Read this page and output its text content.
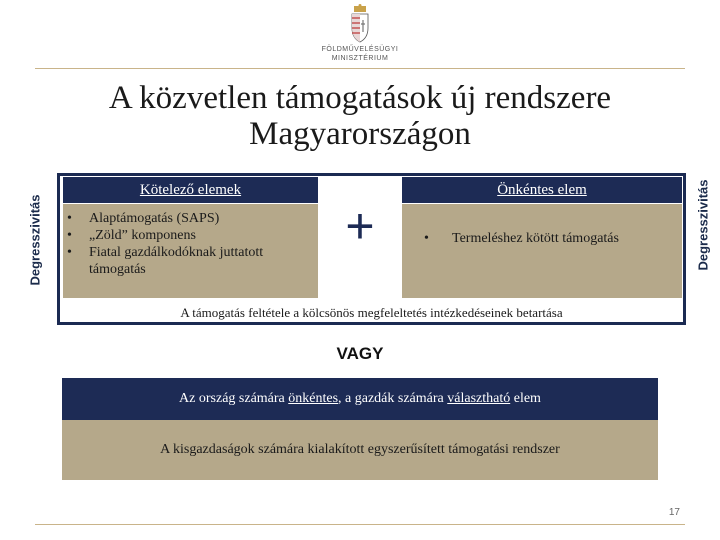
FÖLDMŰVELÉSÜGYI
MINISZTÉRIUM
A közvetlen támogatások új rendszere
Magyarországon
Degresszivitás	Degresszivitás
Kötelező elemek
• Alaptámogatás (SAPS)
• „Zöld” komponens
• Fiatal gazdálkodóknak juttatott támogatás
+
Önkéntes elem
• Termeléshez kötött támogatás
A támogatás feltétele a kölcsönös megfeleltetés intézkedéseinek betartása
VAGY
Az ország számára önkéntes, a gazdák számára választható elem
A kisgazdaságok számára kialakított egyszerűsített támogatási rendszer
17
